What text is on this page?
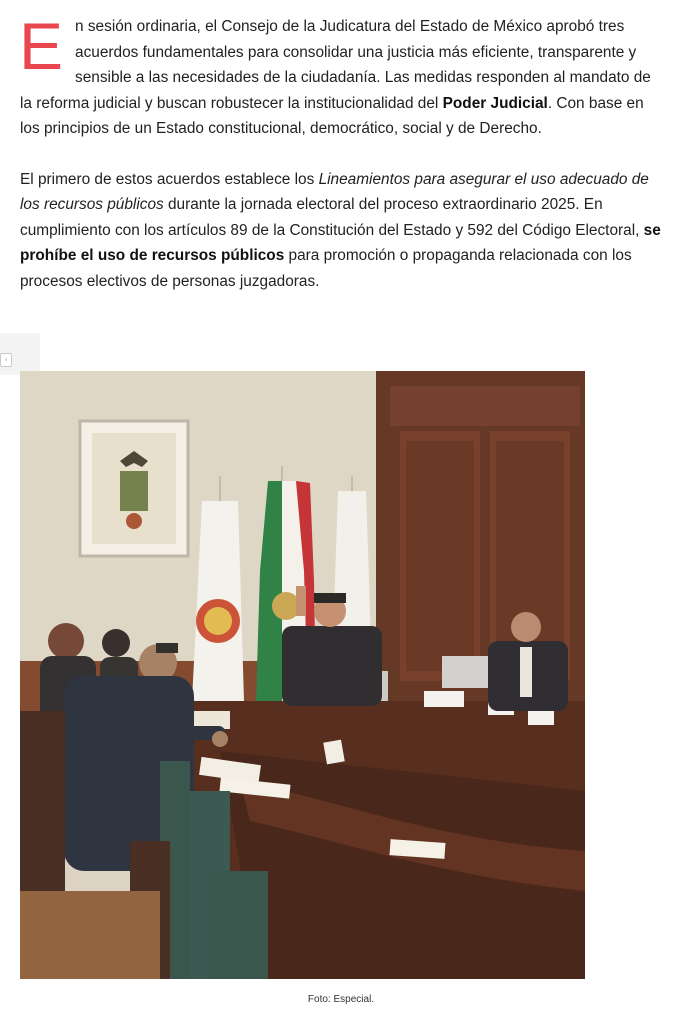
En sesión ordinaria, el Consejo de la Judicatura del Estado de México aprobó tres acuerdos fundamentales para consolidar una justicia más eficiente, transparente y sensible a las necesidades de la ciudadanía. Las medidas responden al mandato de la reforma judicial y buscan robustecer la institucionalidad del Poder Judicial. Con base en los principios de un Estado constitucional, democrático, social y de Derecho.

El primero de estos acuerdos establece los Lineamientos para asegurar el uso adecuado de los recursos públicos durante la jornada electoral del proceso extraordinario 2025. En cumplimiento con los artículos 89 de la Constitución del Estado y 592 del Código Electoral, se prohíbe el uso de recursos públicos para promoción o propaganda relacionada con los procesos electivos de personas juzgadoras.

◦
Foto: Especial.
